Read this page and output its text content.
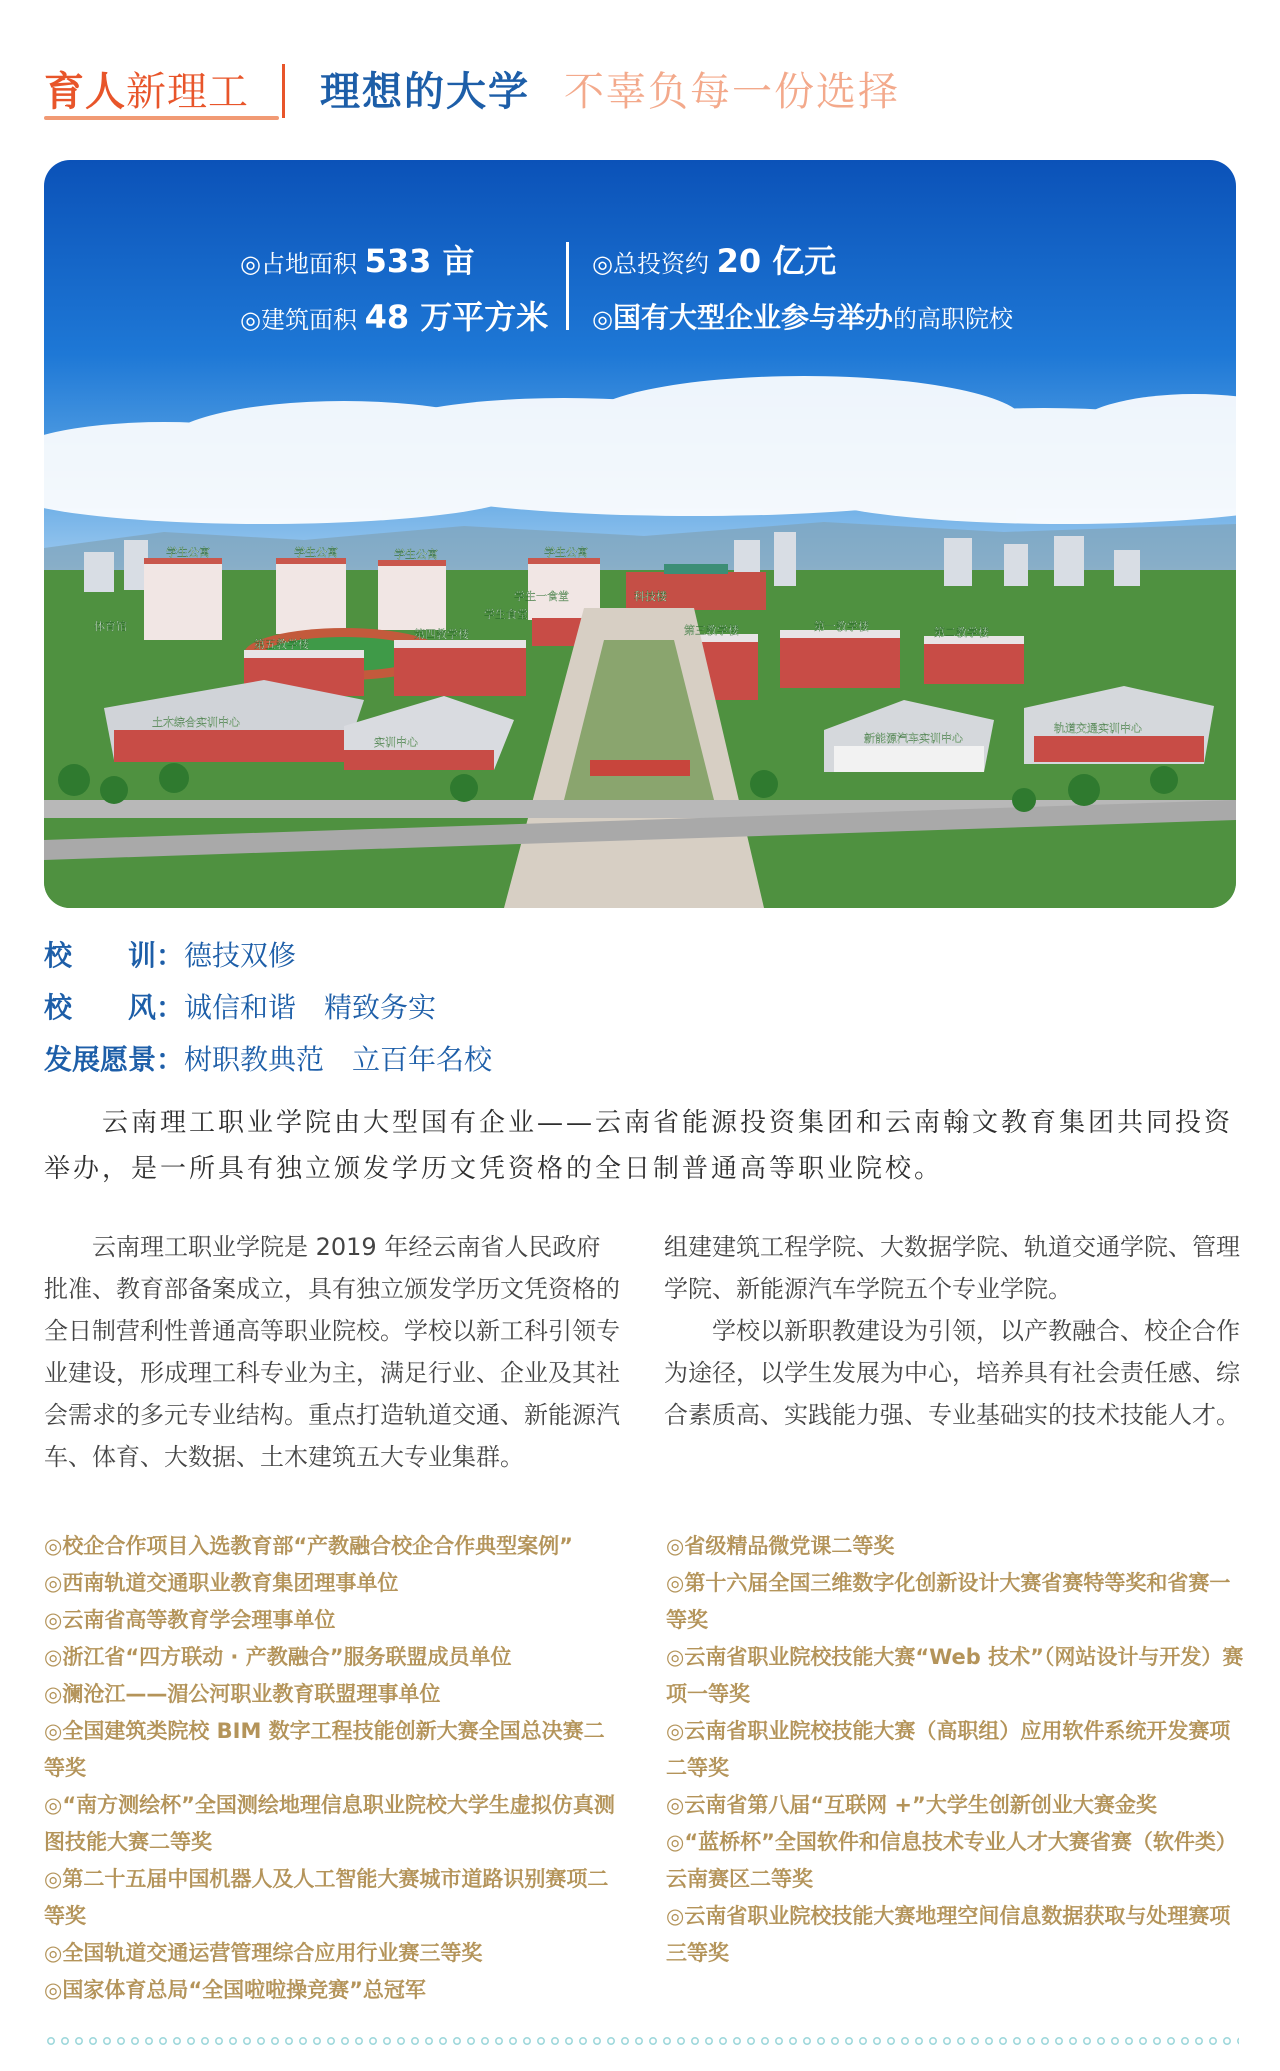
育人新理工 理想的大学 不辜负每一份选择
学生公寓	学生公寓	学生公寓	学生公寓
学生食堂
学生一食堂	科技楼
第五教学楼
第四教学楼	第三教学楼	第一教学楼
土木综合实训中心
实训中心	新能源汽车实训中心
轨道交通实训中心
体育馆	第二教学楼
◎占地面积 533 亩
◎建筑面积 48 万平方米
◎总投资约 20 亿元
◎国有大型企业参与举办的高职院校
校　　训：德技双修
校　　风：诚信和谐　精致务实
发展愿景：树职教典范　立百年名校
云南理工职业学院由大型国有企业——云南省能源投资集团和云南翰文教育集团共同投资举办，是一所具有独立颁发学历文凭资格的全日制普通高等职业院校。

云南理工职业学院是 2019 年经云南省人民政府批准、教育部备案成立，具有独立颁发学历文凭资格的全日制营利性普通高等职业院校。学校以新工科引领专业建设，形成理工科专业为主，满足行业、企业及其社会需求的多元专业结构。重点打造轨道交通、新能源汽车、体育、大数据、土木建筑五大专业集群。

组建建筑工程学院、大数据学院、轨道交通学院、管理学院、新能源汽车学院五个专业学院。

学校以新职教建设为引领，以产教融合、校企合作为途径，以学生发展为中心，培养具有社会责任感、综合素质高、实践能力强、专业基础实的技术技能人才。

◎校企合作项目入选教育部“产教融合校企合作典型案例”
◎西南轨道交通职业教育集团理事单位
◎云南省高等教育学会理事单位
◎浙江省“四方联动 · 产教融合”服务联盟成员单位
◎澜沧江——湄公河职业教育联盟理事单位
◎全国建筑类院校 BIM 数字工程技能创新大赛全国总决赛二等奖
◎“南方测绘杯”全国测绘地理信息职业院校大学生虚拟仿真测图技能大赛二等奖
◎第二十五届中国机器人及人工智能大赛城市道路识别赛项二等奖
◎全国轨道交通运营管理综合应用行业赛三等奖
◎国家体育总局“全国啦啦操竞赛”总冠军
◎省级精品微党课二等奖
◎第十六届全国三维数字化创新设计大赛省赛特等奖和省赛一等奖
◎云南省职业院校技能大赛“Web 技术”（网站设计与开发）赛项一等奖
◎云南省职业院校技能大赛（高职组）应用软件系统开发赛项二等奖
◎云南省第八届“互联网 +”大学生创新创业大赛金奖
◎“蓝桥杯”全国软件和信息技术专业人才大赛省赛（软件类）云南赛区二等奖
◎云南省职业院校技能大赛地理空间信息数据获取与处理赛项三等奖
